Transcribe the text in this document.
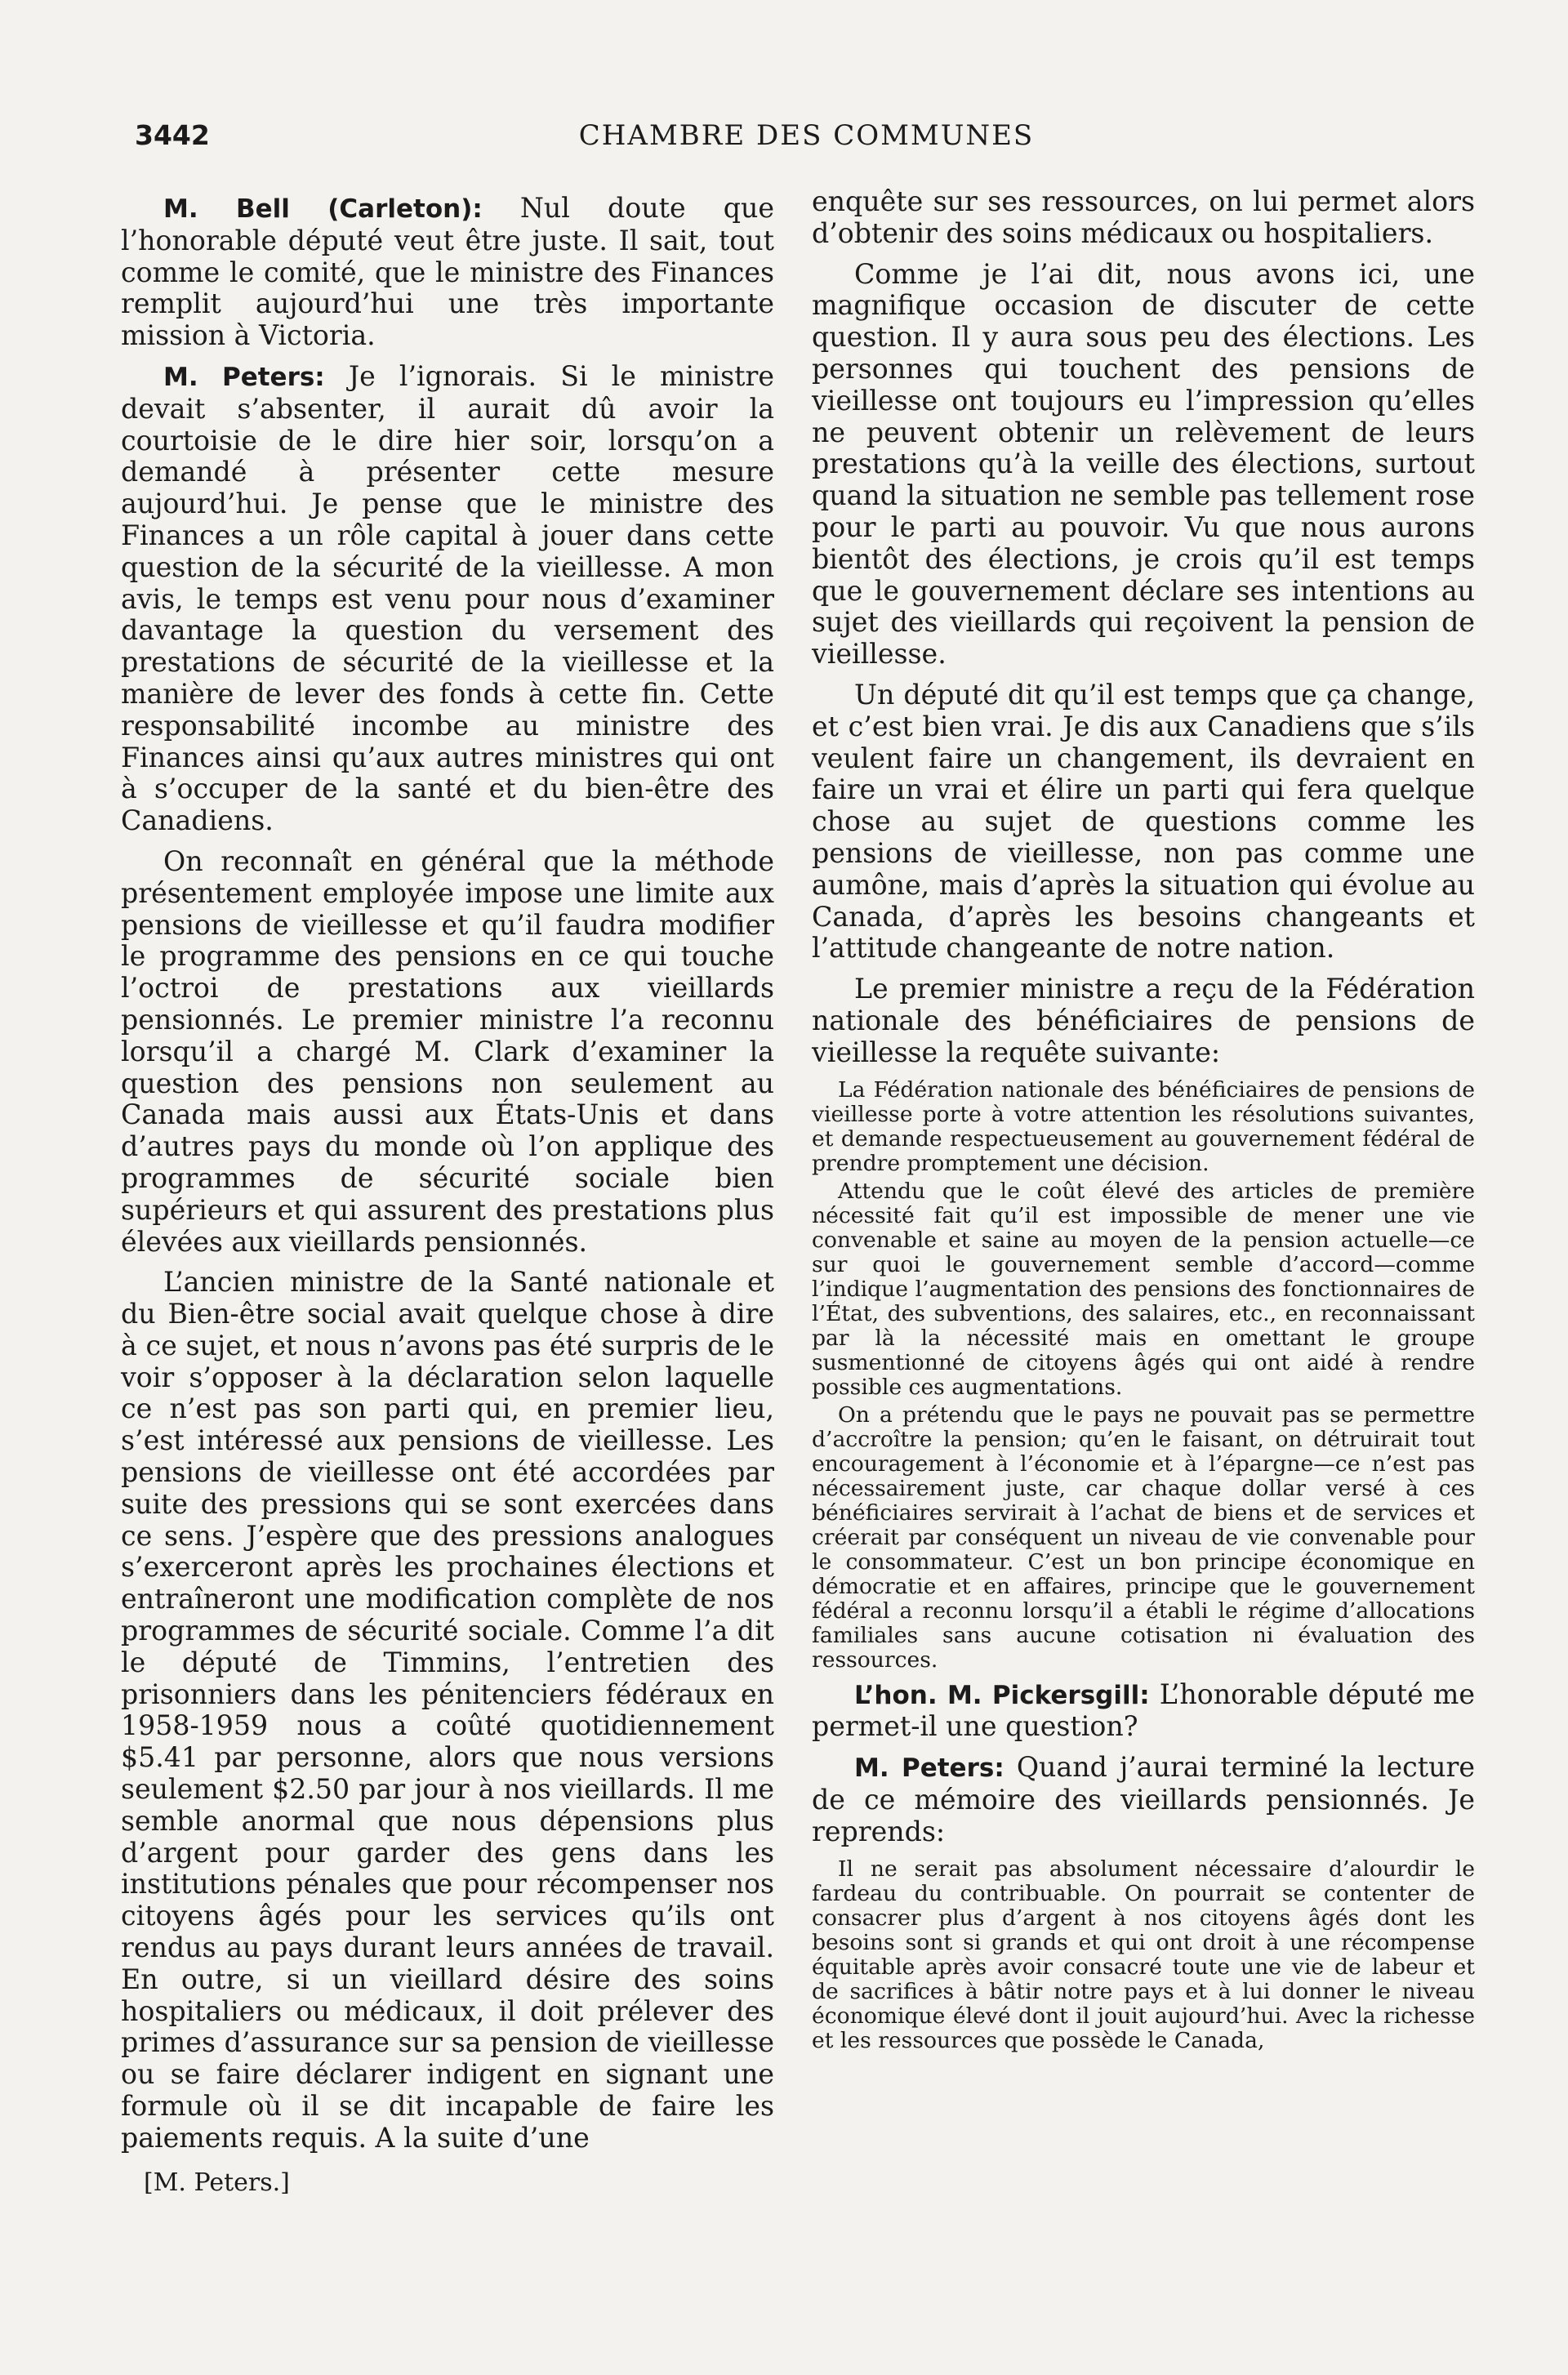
3442	CHAMBRE DES COMMUNES

M. Bell (Carleton): Nul doute que l’honorable député veut être juste. Il sait, tout comme le comité, que le ministre des Finances remplit aujourd’hui une très importante mission à Victoria.

M. Peters: Je l’ignorais. Si le ministre devait s’absenter, il aurait dû avoir la courtoisie de le dire hier soir, lorsqu’on a demandé à présenter cette mesure aujourd’hui. Je pense que le ministre des Finances a un rôle capital à jouer dans cette question de la sécurité de la vieillesse. A mon avis, le temps est venu pour nous d’examiner davantage la question du versement des prestations de sécurité de la vieillesse et la manière de lever des fonds à cette fin. Cette responsabilité incombe au ministre des Finances ainsi qu’aux autres ministres qui ont à s’occuper de la santé et du bien-être des Canadiens.

On reconnaît en général que la méthode présentement employée impose une limite aux pensions de vieillesse et qu’il faudra modifier le programme des pensions en ce qui touche l’octroi de prestations aux vieillards pensionnés. Le premier ministre l’a reconnu lorsqu’il a chargé M. Clark d’examiner la question des pensions non seulement au Canada mais aussi aux États-Unis et dans d’autres pays du monde où l’on applique des programmes de sécurité sociale bien supérieurs et qui assurent des prestations plus élevées aux vieillards pensionnés.

L’ancien ministre de la Santé nationale et du Bien-être social avait quelque chose à dire à ce sujet, et nous n’avons pas été surpris de le voir s’opposer à la déclaration selon laquelle ce n’est pas son parti qui, en premier lieu, s’est intéressé aux pensions de vieillesse. Les pensions de vieillesse ont été accordées par suite des pressions qui se sont exercées dans ce sens. J’espère que des pressions analogues s’exerceront après les prochaines élections et entraîneront une modification complète de nos programmes de sécurité sociale. Comme l’a dit le député de Timmins, l’entretien des prisonniers dans les pénitenciers fédéraux en 1958-1959 nous a coûté quotidiennement $5.41 par personne, alors que nous versions seulement $2.50 par jour à nos vieillards. Il me semble anormal que nous dépensions plus d’argent pour garder des gens dans les institutions pénales que pour récompenser nos citoyens âgés pour les services qu’ils ont rendus au pays durant leurs années de travail. En outre, si un vieillard désire des soins hospitaliers ou médicaux, il doit prélever des primes d’assurance sur sa pension de vieillesse ou se faire déclarer indigent en signant une formule où il se dit incapable de faire les paiements requis. A la suite d’une

enquête sur ses ressources, on lui permet alors d’obtenir des soins médicaux ou hospitaliers.

Comme je l’ai dit, nous avons ici, une magnifique occasion de discuter de cette question. Il y aura sous peu des élections. Les personnes qui touchent des pensions de vieillesse ont toujours eu l’impression qu’elles ne peuvent obtenir un relèvement de leurs prestations qu’à la veille des élections, surtout quand la situation ne semble pas tellement rose pour le parti au pouvoir. Vu que nous aurons bientôt des élections, je crois qu’il est temps que le gouvernement déclare ses intentions au sujet des vieillards qui reçoivent la pension de vieillesse.

Un député dit qu’il est temps que ça change, et c’est bien vrai. Je dis aux Canadiens que s’ils veulent faire un changement, ils devraient en faire un vrai et élire un parti qui fera quelque chose au sujet de questions comme les pensions de vieillesse, non pas comme une aumône, mais d’après la situation qui évolue au Canada, d’après les besoins changeants et l’attitude changeante de notre nation.

Le premier ministre a reçu de la Fédération nationale des bénéficiaires de pensions de vieillesse la requête suivante:

La Fédération nationale des bénéficiaires de pensions de vieillesse porte à votre attention les résolutions suivantes, et demande respectueusement au gouvernement fédéral de prendre promptement une décision.

Attendu que le coût élevé des articles de première nécessité fait qu’il est impossible de mener une vie convenable et saine au moyen de la pension actuelle—ce sur quoi le gouvernement semble d’accord—comme l’indique l’augmentation des pensions des fonctionnaires de l’État, des subventions, des salaires, etc., en reconnaissant par là la nécessité mais en omettant le groupe susmentionné de citoyens âgés qui ont aidé à rendre possible ces augmentations.

On a prétendu que le pays ne pouvait pas se permettre d’accroître la pension; qu’en le faisant, on détruirait tout encouragement à l’économie et à l’épargne—ce n’est pas nécessairement juste, car chaque dollar versé à ces bénéficiaires servirait à l’achat de biens et de services et créerait par conséquent un niveau de vie convenable pour le consommateur. C’est un bon principe économique en démocratie et en affaires, principe que le gouvernement fédéral a reconnu lorsqu’il a établi le régime d’allocations familiales sans aucune cotisation ni évaluation des ressources.

L’hon. M. Pickersgill: L’honorable député me permet-il une question?

M. Peters: Quand j’aurai terminé la lecture de ce mémoire des vieillards pensionnés. Je reprends:

Il ne serait pas absolument nécessaire d’alourdir le fardeau du contribuable. On pourrait se contenter de consacrer plus d’argent à nos citoyens âgés dont les besoins sont si grands et qui ont droit à une récompense équitable après avoir consacré toute une vie de labeur et de sacrifices à bâtir notre pays et à lui donner le niveau économique élevé dont il jouit aujourd’hui. Avec la richesse et les ressources que possède le Canada,

[M. Peters.]
